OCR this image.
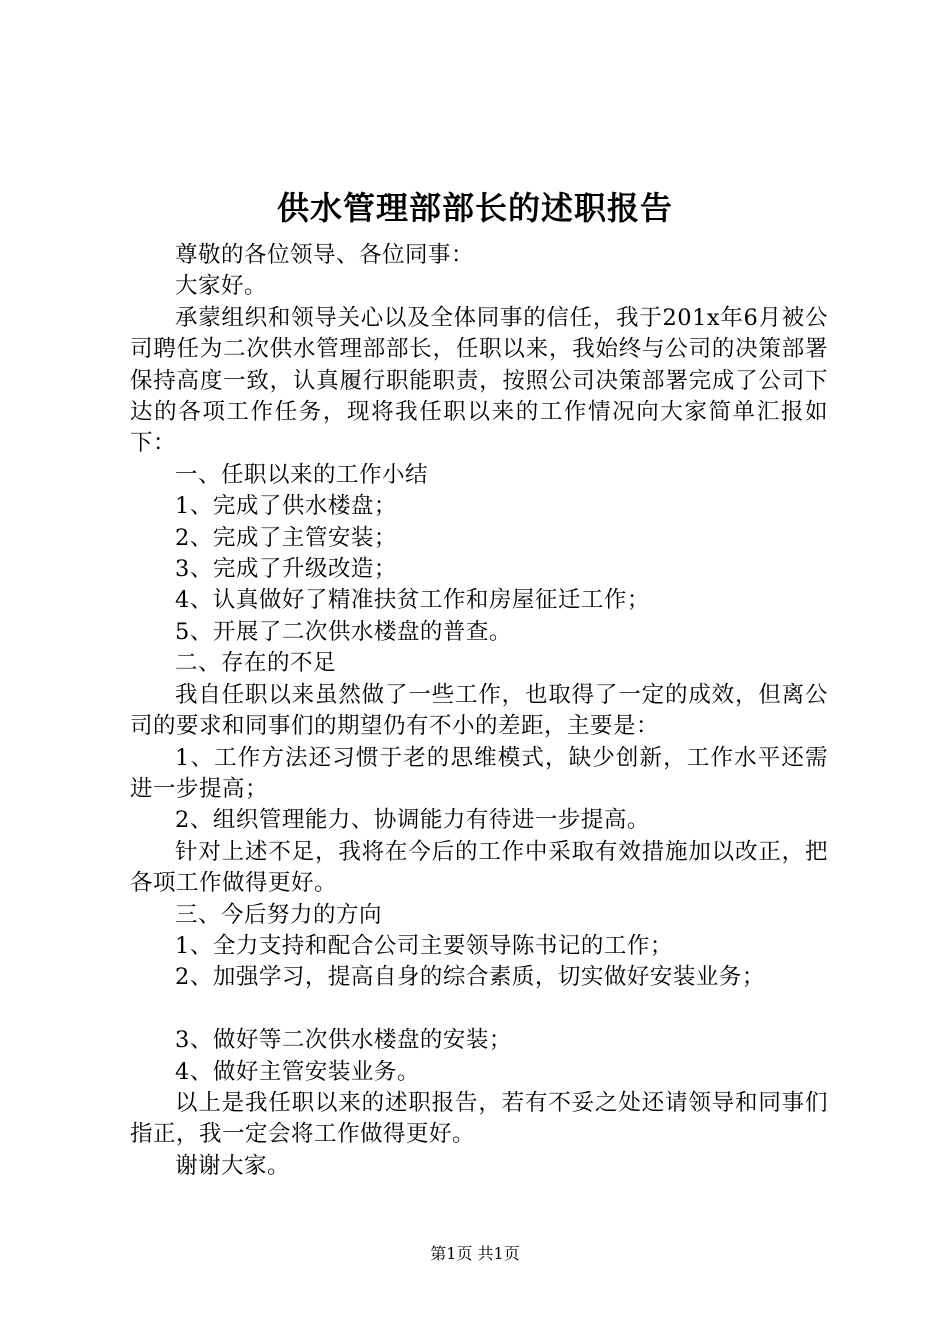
供水管理部部长的述职报告

尊敬的各位领导、各位同事：

大家好。

承蒙组织和领导关心以及全体同事的信任，我于201x年6月被公司聘任为二次供水管理部部长，任职以来，我始终与公司的决策部署保持高度一致，认真履行职能职责，按照公司决策部署完成了公司下达的各项工作任务，现将我任职以来的工作情况向大家简单汇报如下：

一、任职以来的工作小结

1、完成了供水楼盘；

2、完成了主管安装；

3、完成了升级改造；

4、认真做好了精准扶贫工作和房屋征迁工作；

5、开展了二次供水楼盘的普查。

二、存在的不足

我自任职以来虽然做了一些工作，也取得了一定的成效，但离公司的要求和同事们的期望仍有不小的差距，主要是：

1、工作方法还习惯于老的思维模式，缺少创新，工作水平还需进一步提高；

2、组织管理能力、协调能力有待进一步提高。

针对上述不足，我将在今后的工作中采取有效措施加以改正，把各项工作做得更好。

三、今后努力的方向

1、全力支持和配合公司主要领导陈书记的工作；

2、加强学习，提高自身的综合素质，切实做好安装业务；

3、做好等二次供水楼盘的安装；

4、做好主管安装业务。

以上是我任职以来的述职报告，若有不妥之处还请领导和同事们指正，我一定会将工作做得更好。

谢谢大家。

第1页 共1页
